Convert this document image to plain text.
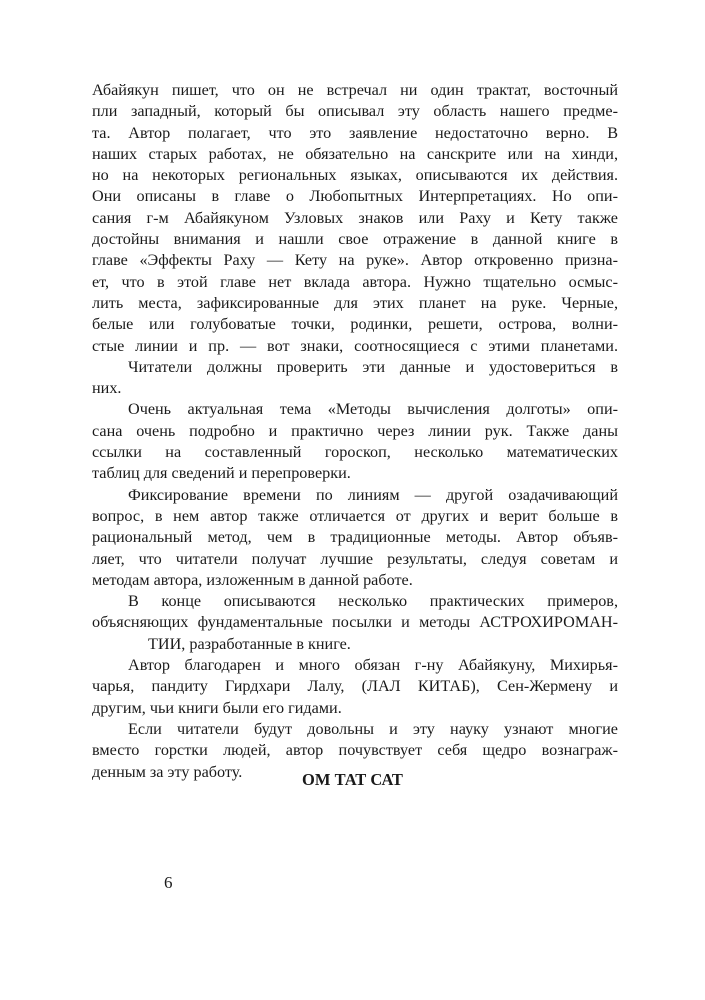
Абайякун пишет, что он не встречал ни один трактат, восточный
пли западный, который бы описывал эту область нашего предме-
та. Автор полагает, что это заявление недостаточно верно. В
наших старых работах, не обязательно на санскрите или на хинди,
но на некоторых региональных языках, описываются их действия.
Они описаны в главе о Любопытных Интерпретациях. Но опи-
сания г-м Абайякуном Узловых знаков или Раху и Кету также
достойны внимания и нашли свое отражение в данной книге в
главе «Эффекты Раху — Кету на руке». Автор откровенно призна-
ет, что в этой главе нет вклада автора. Нужно тщательно осмыс-
лить места, зафиксированные для этих планет на руке. Черные,
белые или голубоватые точки, родинки, решети, острова, волни-
стые линии и пр. — вот знаки, соотносящиеся с этими планетами.

Читатели должны проверить эти данные и удостовериться в
них.

Очень актуальная тема «Методы вычисления долготы» опи-
сана очень подробно и практично через линии рук. Также даны
ссылки на составленный гороскоп, несколько математических
таблиц для сведений и перепроверки.

Фиксирование времени по линиям — другой озадачивающий
вопрос, в нем автор также отличается от других и верит больше в
рациональный метод, чем в традиционные методы. Автор объяв-
ляет, что читатели получат лучшие результаты, следуя советам и
методам автора, изложенным в данной работе.

В конце описываются несколько практических примеров,
объясняющих фундаментальные посылки и методы АСТРОХИРОМАН-
ТИИ, разработанные в книге.

Автор благодарен и много обязан г-ну Абайякуну, Михирья-
чарья, пандиту Гирдхари Лалу, (ЛАЛ КИТАБ), Сен-Жермену и
другим, чьи книги были его гидами.

Если читатели будут довольны и эту науку узнают многие
вместо горстки людей, автор почувствует себя щедро вознаграж-
денным за эту работу.	ОМ ТАТ САТ
6
